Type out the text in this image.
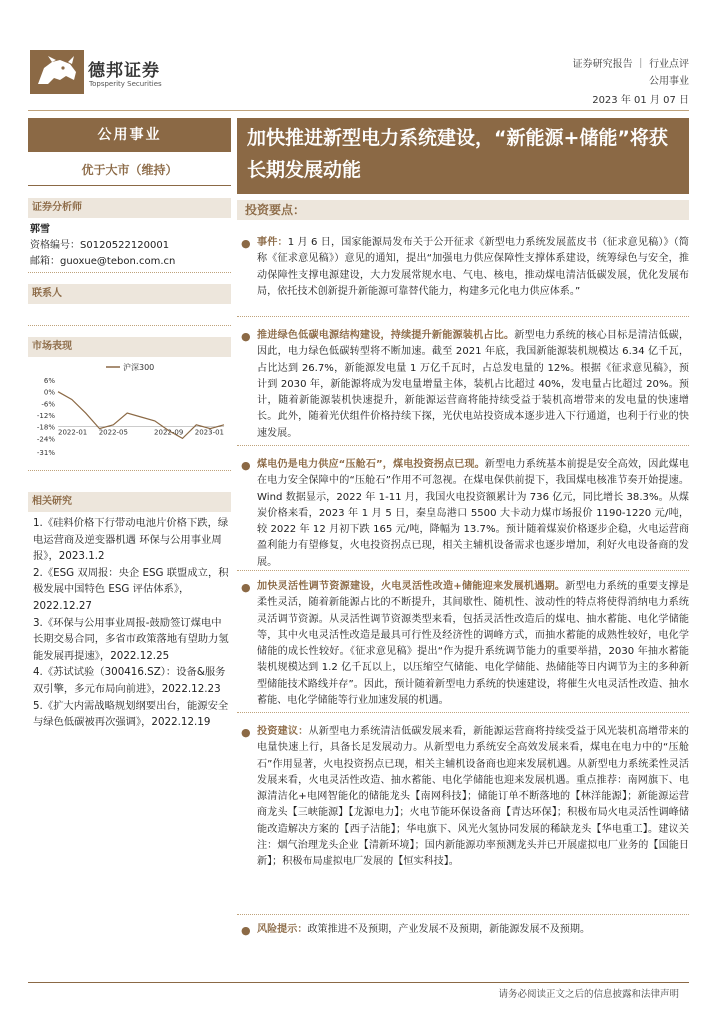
德邦证券
Topsperity Securities
证券研究报告 ｜ 行业点评
公用事业
2023 年 01 月 07 日
公用事业
优于大市（维持）
证券分析师
郭雪
资格编号：S0120522120001
邮箱：guoxue@tebon.com.cn
联系人
市场表现
6%
0%
-6%
-12%
-18%
-24%
-31%
2022-01 2022-05	2022-09 2023-01
沪深300
相关研究
1.《硅料价格下行带动电池片价格下跌，绿电运营商及逆变器机遇 环保与公用事业周报》，2023.1.2
2.《ESG 双周报：央企 ESG 联盟成立，积极发展中国特色 ESG 评估体系》，2022.12.27
3.《环保与公用事业周报-鼓励签订煤电中长期交易合同，多省市政策落地有望助力氢能发展再提速》，2022.12.25
4.《苏试试验（300416.SZ）：设备&服务双引擎，多元布局向前进》，2022.12.23
5.《扩大内需战略规划纲要出台，能源安全与绿色低碳被再次强调》，2022.12.19
加快推进新型电力系统建设，“新能源+储能”将获长期发展动能
投资要点：
● 事件：1 月 6 日，国家能源局发布关于公开征求《新型电力系统发展蓝皮书（征求意见稿）》（简称《征求意见稿》）意见的通知，提出“加强电力供应保障性支撑体系建设，统筹绿色与安全，推动保障性支撑电源建设，大力发展常规水电、气电、核电，推动煤电清洁低碳发展，优化发展布局，依托技术创新提升新能源可靠替代能力，构建多元化电力供应体系。”
● 推进绿色低碳电源结构建设，持续提升新能源装机占比。新型电力系统的核心目标是清洁低碳，因此，电力绿色低碳转型将不断加速。截至 2021 年底，我国新能源装机规模达 6.34 亿千瓦，占比达到 26.7%，新能源发电量 1 万亿千瓦时，占总发电量的 12%。根据《征求意见稿》，预计到 2030 年，新能源将成为发电量增量主体，装机占比超过 40%，发电量占比超过 20%。预计，随着新能源装机快速提升，新能源运营商将能持续受益于装机高增带来的发电量的快速增长。此外，随着光伏组件价格持续下探，光伏电站投资成本逐步进入下行通道，也利于行业的快速发展。
● 煤电仍是电力供应“压舱石”，煤电投资拐点已现。新型电力系统基本前提是安全高效，因此煤电在电力安全保障中的“压舱石”作用不可忽视。在煤电保供前提下，我国煤电核准节奏开始提速。Wind 数据显示，2022 年 1-11 月，我国火电投资额累计为 736 亿元，同比增长 38.3%。从煤炭价格来看，2023 年 1 月 5 日，秦皇岛港口 5500 大卡动力煤市场报价 1190-1220 元/吨，较 2022 年 12 月初下跌 165 元/吨，降幅为 13.7%。预计随着煤炭价格逐步企稳，火电运营商盈利能力有望修复，火电投资拐点已现，相关主辅机设备需求也逐步增加，利好火电设备商的发展。
● 加快灵活性调节资源建设，火电灵活性改造+储能迎来发展机遇期。新型电力系统的重要支撑是柔性灵活，随着新能源占比的不断提升，其间歇性、随机性、波动性的特点将使得消纳电力系统灵活调节资源。从灵活性调节资源类型来看，包括灵活性改造后的煤电、抽水蓄能、电化学储能等，其中火电灵活性改造是最具可行性及经济性的调峰方式，而抽水蓄能的成熟性较好，电化学储能的成长性较好。《征求意见稿》提出“作为提升系统调节能力的重要举措，2030 年抽水蓄能装机规模达到 1.2 亿千瓦以上，以压缩空气储能、电化学储能、热储能等日内调节为主的多种新型储能技术路线并存”。因此，预计随着新型电力系统的快速建设，将催生火电灵活性改造、抽水蓄能、电化学储能等行业加速发展的机遇。
● 投资建议：从新型电力系统清洁低碳发展来看，新能源运营商将持续受益于风光装机高增带来的电量快速上行，具备长足发展动力。从新型电力系统安全高效发展来看，煤电在电力中的“压舱石”作用显著，火电投资拐点已现，相关主辅机设备商也迎来发展机遇。从新型电力系统柔性灵活发展来看，火电灵活性改造、抽水蓄能、电化学储能也迎来发展机遇。重点推荐：南网旗下、电源清洁化+电网智能化的储能龙头【南网科技】；储能订单不断落地的【林洋能源】；新能源运营商龙头【三峡能源】【龙源电力】；火电节能环保设备商【青达环保】；积极布局火电灵活性调峰储能改造解决方案的【西子洁能】；华电旗下、风光火氢协同发展的稀缺龙头【华电重工】。建议关注：烟气治理龙头企业【清新环境】；国内新能源功率预测龙头并已开展虚拟电厂业务的【国能日新】；积极布局虚拟电厂发展的【恒实科技】。
● 风险提示：政策推进不及预期，产业发展不及预期，新能源发展不及预期。
请务必阅读正文之后的信息披露和法律声明
